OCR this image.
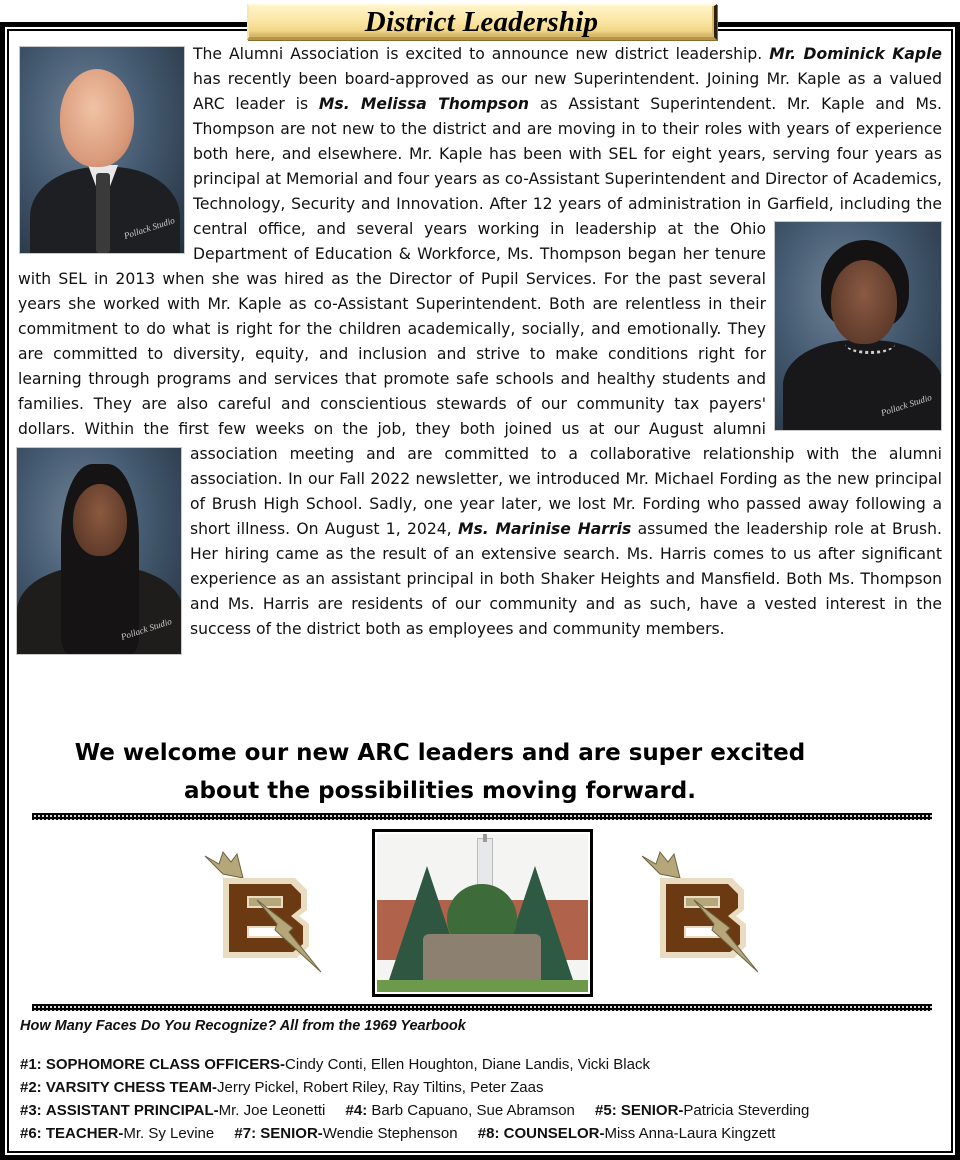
District Leadership
Pollack Studio

The Alumni Association is excited to announce new district leadership. Mr. Dominick Kaple has recently been board-approved as our new Superintendent. Joining Mr. Kaple as a valued ARC leader is Ms. Melissa Thompson as Assistant Superintendent. Mr. Kaple and Ms. Thompson are not new to the district and are moving in to their roles with years of experience both here, and elsewhere. Mr. Kaple has been with SEL for eight years, serving four years as principal at Memorial and four years as co-Assistant Superintendent and Director of Academics, Technology, Security and Innovation. After 12 years of administration in Garfield, including the central office, and several years
Pollack Studio
working in leadership at the Ohio Department of Education & Workforce, Ms. Thompson began her tenure with SEL in 2013 when she was hired as the Director of Pupil Services. For the past several years she worked with Mr. Kaple as co-Assistant Superintendent. Both are relentless in their commitment to do what is right for the children academically, socially, and emotionally. They are committed to diversity, equity, and inclusion and strive to make conditions right for learning through programs and services that promote safe schools and healthy students and families. They are also careful and conscientious stewards of our community tax payers' dollars. Within the first few weeks on the job, they both joined us at our August alumni association meeting and are committed to a
Pollack Studio
collaborative relationship with the alumni association. In our Fall 2022 newsletter, we introduced Mr. Michael Fording as the new principal of Brush High School. Sadly, one year later, we lost Mr. Fording who passed away following a short illness. On August 1, 2024, Ms. Marinise Harris assumed the leadership role at Brush. Her hiring came as the result of an extensive search. Ms. Harris comes to us after significant experience as an assistant principal in both Shaker Heights and Mansfield. Both Ms. Thompson and Ms. Harris are residents of our community and as such, have a vested interest in the success of the district both as employees and community members.

We welcome our new ARC leaders and are super excited
about the possibilities moving forward.
How Many Faces Do You Recognize? All from the 1969 Yearbook
#1: SOPHOMORE CLASS OFFICERS-Cindy Conti, Ellen Houghton, Diane Landis, Vicki Black
#2: VARSITY CHESS TEAM-Jerry Pickel, Robert Riley, Ray Tiltins, Peter Zaas
#3: ASSISTANT PRINCIPAL-Mr. Joe Leonetti #4: Barb Capuano, Sue Abramson #5: SENIOR-Patricia Steverding
#6: TEACHER-Mr. Sy Levine #7: SENIOR-Wendie Stephenson #8: COUNSELOR-Miss Anna-Laura Kingzett
